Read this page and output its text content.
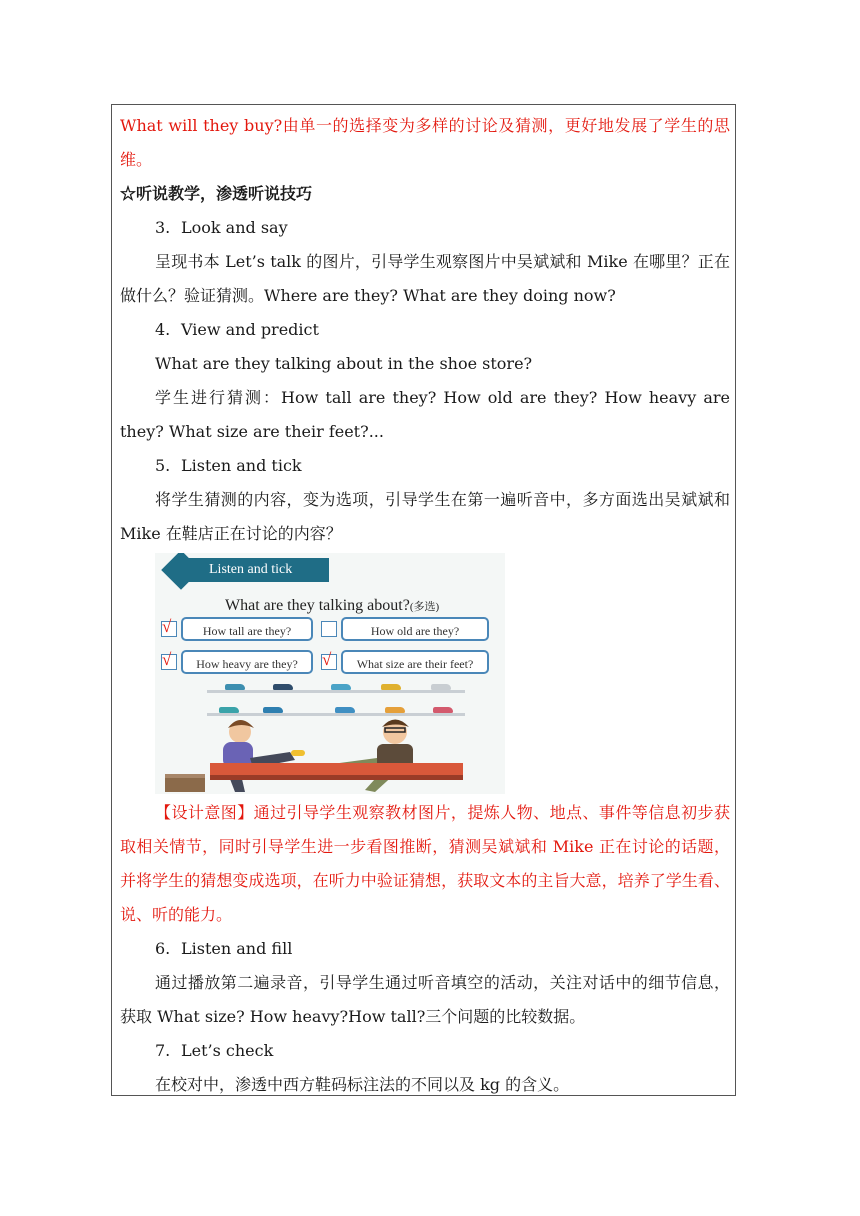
What will they buy?由单一的选择变为多样的讨论及猜测，更好地发展了学生的思维。

☆听说教学，渗透听说技巧

3. Look and say

呈现书本 Let’s talk 的图片，引导学生观察图片中吴斌斌和 Mike 在哪里？正在做什么？验证猜测。Where are they? What are they doing now?

4. View and predict

What are they talking about in the shoe store?

学生进行猜测：How tall are they? How old are they? How heavy are they? What size are their feet?...

5. Listen and tick

将学生猜测的内容，变为选项，引导学生在第一遍听音中，多方面选出吴斌斌和 Mike 在鞋店正在讨论的内容？

Listen and tick
What are they talking about?(多选)
√	How tall are they?	How old are they?
√	How heavy are they?	√	What size are their feet?

【设计意图】通过引导学生观察教材图片，提炼人物、地点、事件等信息初步获取相关情节，同时引导学生进一步看图推断，猜测吴斌斌和 Mike 正在讨论的话题，并将学生的猜想变成选项，在听力中验证猜想，获取文本的主旨大意，培养了学生看、说、听的能力。

6. Listen and fill

通过播放第二遍录音，引导学生通过听音填空的活动，关注对话中的细节信息，获取 What size? How heavy?How tall?三个问题的比较数据。

7. Let’s check

在校对中，渗透中西方鞋码标注法的不同以及 kg 的含义。
